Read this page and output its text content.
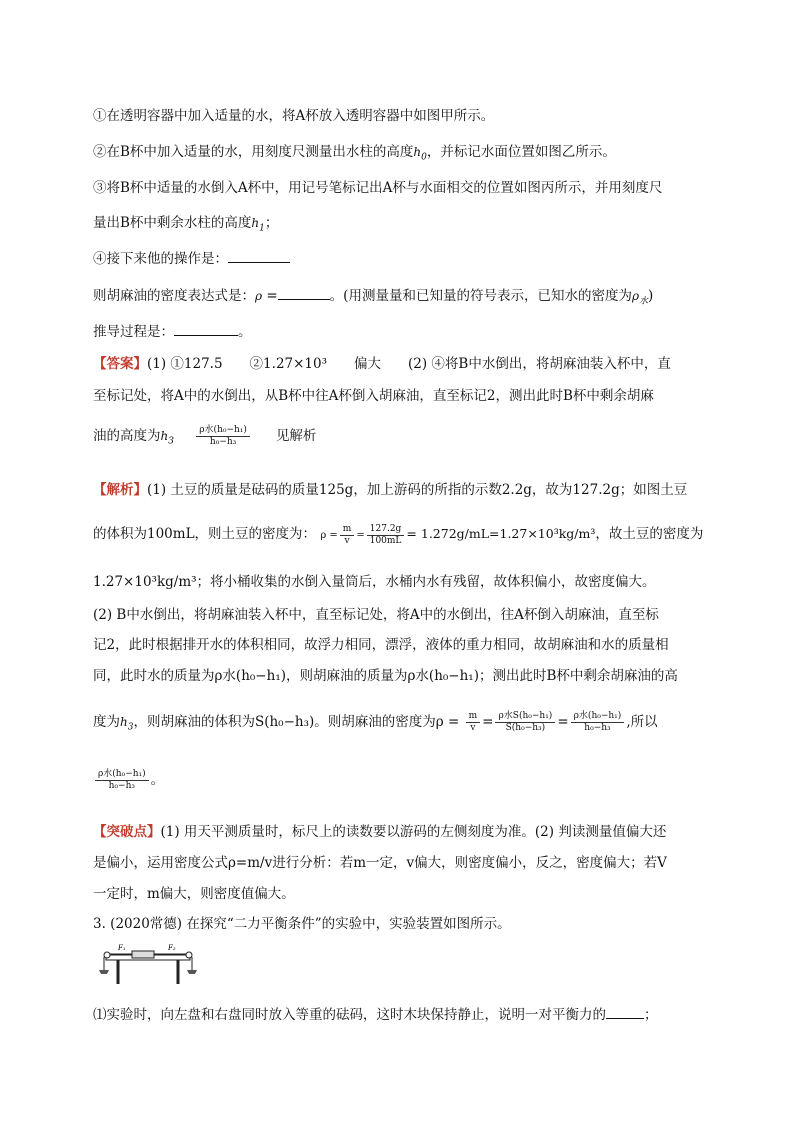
①在透明容器中加入适量的水，将A杯放入透明容器中如图甲所示。
②在B杯中加入适量的水，用刻度尺测量出水柱的高度$h_0$，并标记水面位置如图乙所示。
③将B杯中适量的水倒入A杯中，用记号笔标记出A杯与水面相交的位置如图丙所示，并用刻度尺
量出B杯中剩余水柱的高度$h_1$；
④接下来他的操作是：
则胡麻油的密度表达式是：ρ =	。(用测量量和已知量的符号表示，已知水的密度为$\rho_水$)
推导过程是：	。
【答案】(1) ①127.5　　②1.27×10³　　偏大　　(2) ④将B中水倒出，将胡麻油装入杯中，直
至标记处，将A中的水倒出，从B杯中往A杯倒入胡麻油，直至标记2，测出此时B杯中剩余胡麻
油的高度为$h_3 \frac{\text{ρ水(h₀−h₁)}}{\text{h₀−h₃}}$ 见解析
【解析】(1) 土豆的质量是砝码的质量125g，加上游码的所指的示数2.2g，故为127.2g；如图土豆
的体积为100mL，则土豆的密度为： $\rho = \frac{m}{v} = \frac{127.2g}{100mL} = 1.272g/mL=1.27\times 10^3kg/m^3$，故土豆的密度为
1.27×10³kg/m³；将小桶收集的水倒入量筒后，水桶内水有残留，故体积偏小，故密度偏大。
(2) B中水倒出，将胡麻油装入杯中，直至标记处，将A中的水倒出，往A杯倒入胡麻油，直至标
记2，此时根据排开水的体积相同，故浮力相同，漂浮，液体的重力相同，故胡麻油和水的质量相
同，此时水的质量为ρ水(h₀−h₁)，则胡麻油的质量为ρ水(h₀−h₁)；测出此时B杯中剩余胡麻油的高
度为$h_3$，则胡麻油的体积为S(h₀−h₃)。则胡麻油的密度为$\rho = \frac{m}{v} = \frac{\text{ρ水S(h₀−h₁)}}{\text{S(h₀−h₃)}} = \frac{\text{ρ水(h₀−h₁)}}{\text{h₀−h₃}}$ ,所以
$\frac{\text{ρ水(h₀−h₁)}}{\text{h₀−h₃}}$ 。
【突破点】(1) 用天平测质量时，标尺上的读数要以游码的左侧刻度为准。(2) 判读测量值偏大还
是偏小，运用密度公式ρ=m/v进行分析：若m一定，v偏大，则密度偏小，反之，密度偏大；若V
一定时，m偏大，则密度值偏大。
3. (2020常德) 在探究“二力平衡条件”的实验中，实验装置如图所示。
F₁	F₂
⑴实验时，向左盘和右盘同时放入等重的砝码，这时木块保持静止，说明一对平衡力的	；
